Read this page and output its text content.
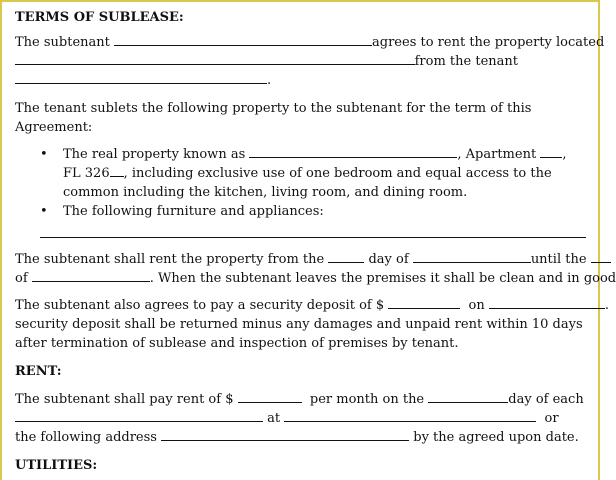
TERMS OF SUBLEASE:

The subtenant	agrees to rent the property located
from the tenant
.

The tenant sublets the following property to the subtenant for the term of this Agreement:

• The real property known as	, Apartment ,
FL 326 , including exclusive use of one bedroom and equal access to the common including the kitchen, living room, and dining room.
• The following furniture and appliances:
The subtenant shall rent the property from the	day of	until the
of	. When the subtenant leaves the premises it shall be clean and in good
The subtenant also agrees to pay a security deposit of $	on	.

security deposit shall be returned minus any damages and unpaid rent within 10 days after termination of sublease and inspection of premises by tenant.

RENT:

The subtenant shall pay rent of $	per month on the	day of each
at	or
the following address	by the agreed upon date.

UTILITIES:
